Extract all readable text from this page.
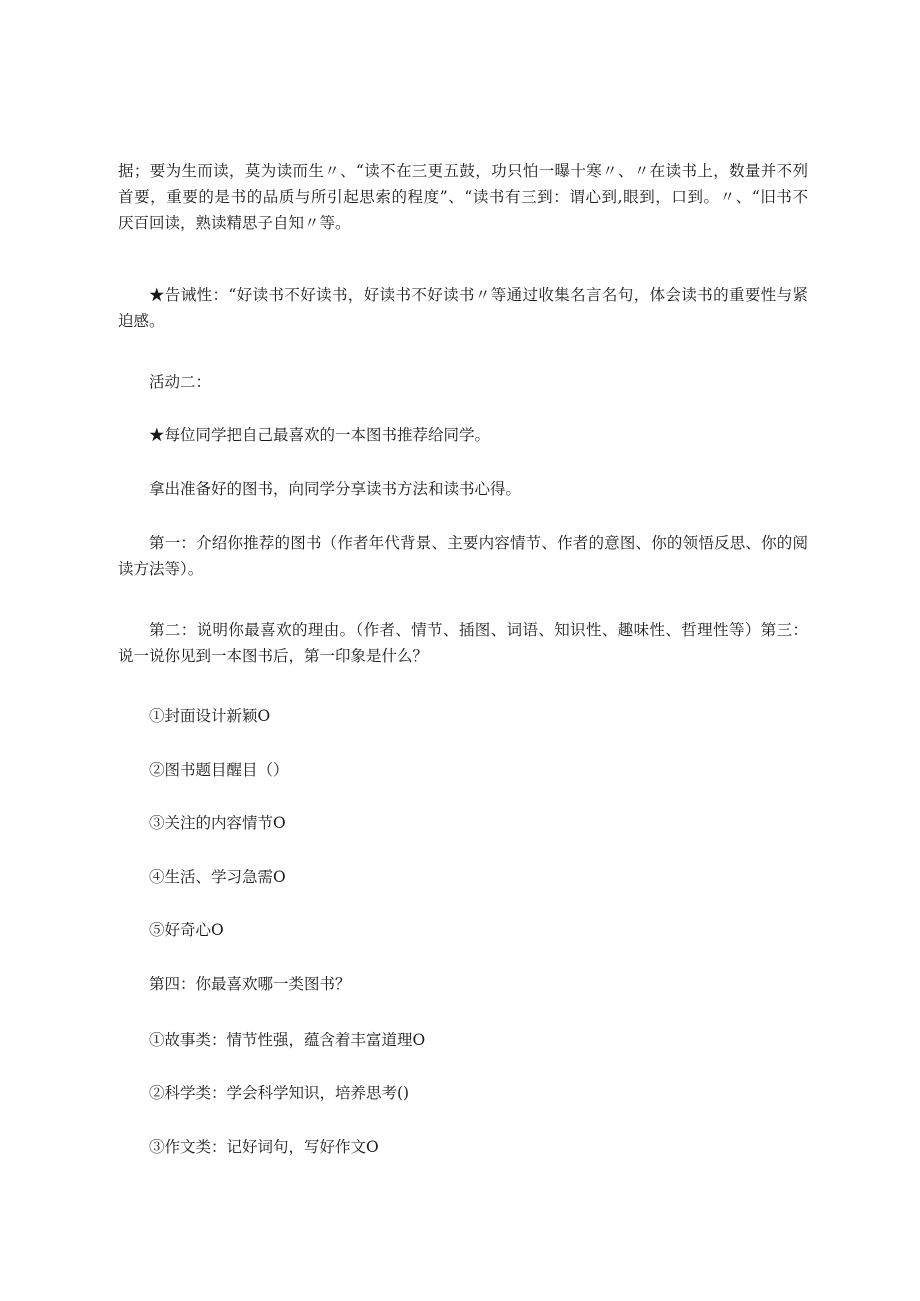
据；要为生而读，莫为读而生〃、“读不在三更五鼓，功只怕一曝十寒〃、〃在读书上，数量并不列
首要，重要的是书的品质与所引起思索的程度”、“读书有三到：谓心到,眼到，口到。〃、“旧书不
厌百回读，熟读精思子自知〃等。

★告诫性：“好读书不好读书，好读书不好读书〃等通过收集名言名句，体会读书的重要性与紧
迫感。

活动二：

★每位同学把自己最喜欢的一本图书推荐给同学。

拿出准备好的图书，向同学分享读书方法和读书心得。

第一：介绍你推荐的图书（作者年代背景、主要内容情节、作者的意图、你的领悟反思、你的阅
读方法等）。

第二：说明你最喜欢的理由。（作者、情节、插图、词语、知识性、趣味性、哲理性等）第三：
说一说你见到一本图书后，第一印象是什么？

①封面设计新颖O

②图书题目醒目（）

③关注的内容情节O

④生活、学习急需O

⑤好奇心O

第四：你最喜欢哪一类图书？

①故事类：情节性强，蕴含着丰富道理O

②科学类：学会科学知识，培养思考()

③作文类：记好词句，写好作文O
